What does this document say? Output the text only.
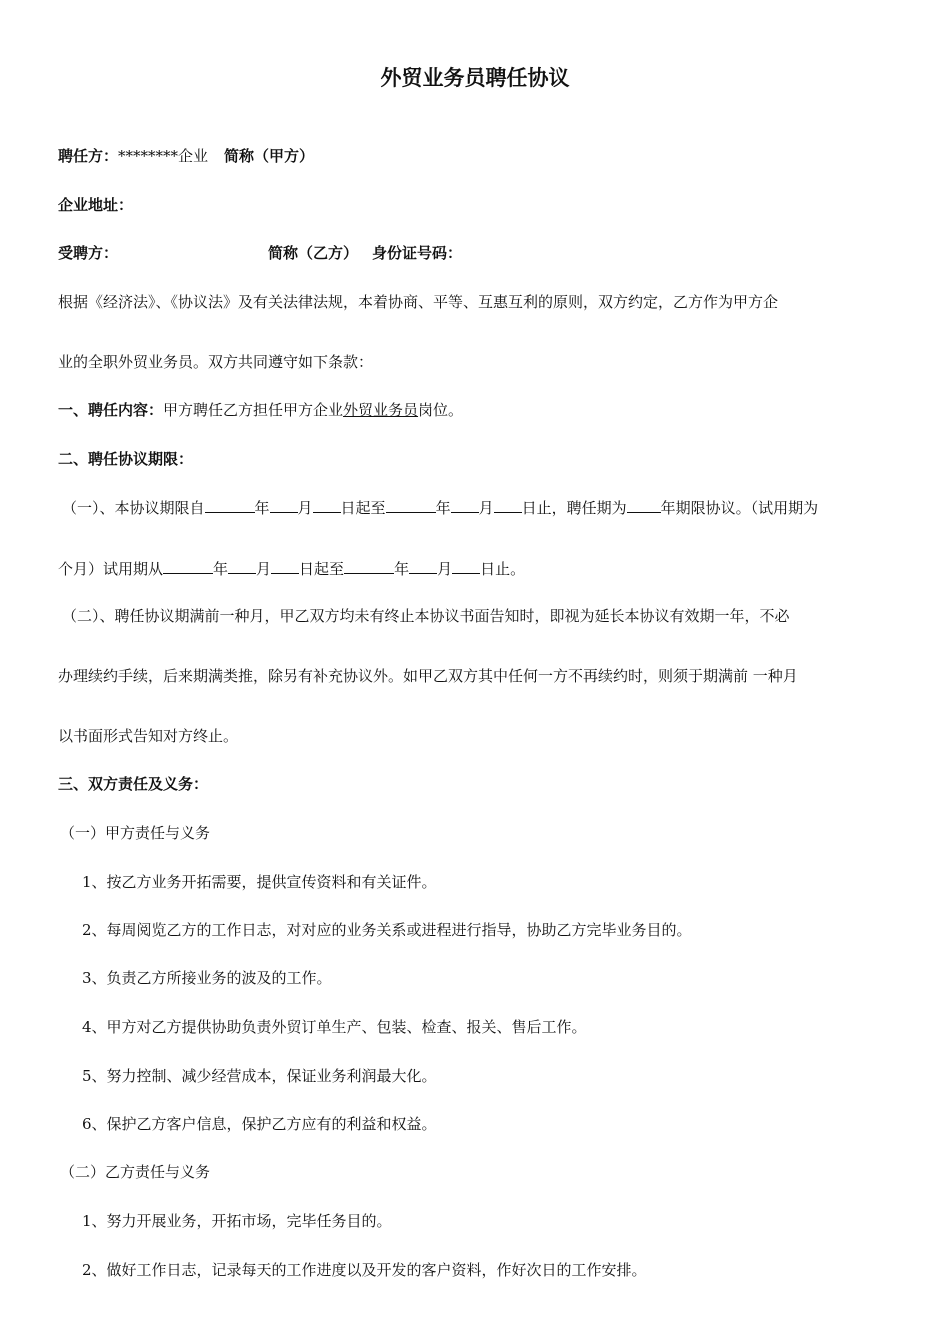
外贸业务员聘任协议
聘任方：********企业 简称（甲方）
企业地址：
受聘方：	简称（乙方） 身份证号码：
根据《经济法》、《协议法》及有关法律法规，本着协商、平等、互惠互利的原则，双方约定，乙方作为甲方企
业的全职外贸业务员。双方共同遵守如下条款：
一、聘任内容：甲方聘任乙方担任甲方企业外贸业务员岗位。
二、聘任协议期限：
（一）、本协议期限自	年 月 日起至	年 月 日止，聘任期为 年期限协议。（试用期为
个月）试用期从	年 月 日起至	年 月 日止。
（二）、聘任协议期满前一种月，甲乙双方均未有终止本协议书面告知时，即视为延长本协议有效期一年，不必
办理续约手续，后来期满类推，除另有补充协议外。如甲乙双方其中任何一方不再续约时，则须于期满前 一种月
以书面形式告知对方终止。
三、双方责任及义务：
（一）甲方责任与义务
1、按乙方业务开拓需要，提供宣传资料和有关证件。
2、每周阅览乙方的工作日志，对对应的业务关系或进程进行指导，协助乙方完毕业务目的。
3、负责乙方所接业务的波及的工作。
4、甲方对乙方提供协助负责外贸订单生产、包装、检查、报关、售后工作。
5、努力控制、减少经营成本，保证业务利润最大化。
6、保护乙方客户信息，保护乙方应有的利益和权益。
（二）乙方责任与义务
1、努力开展业务，开拓市场，完毕任务目的。
2、做好工作日志，记录每天的工作进度以及开发的客户资料，作好次日的工作安排。
